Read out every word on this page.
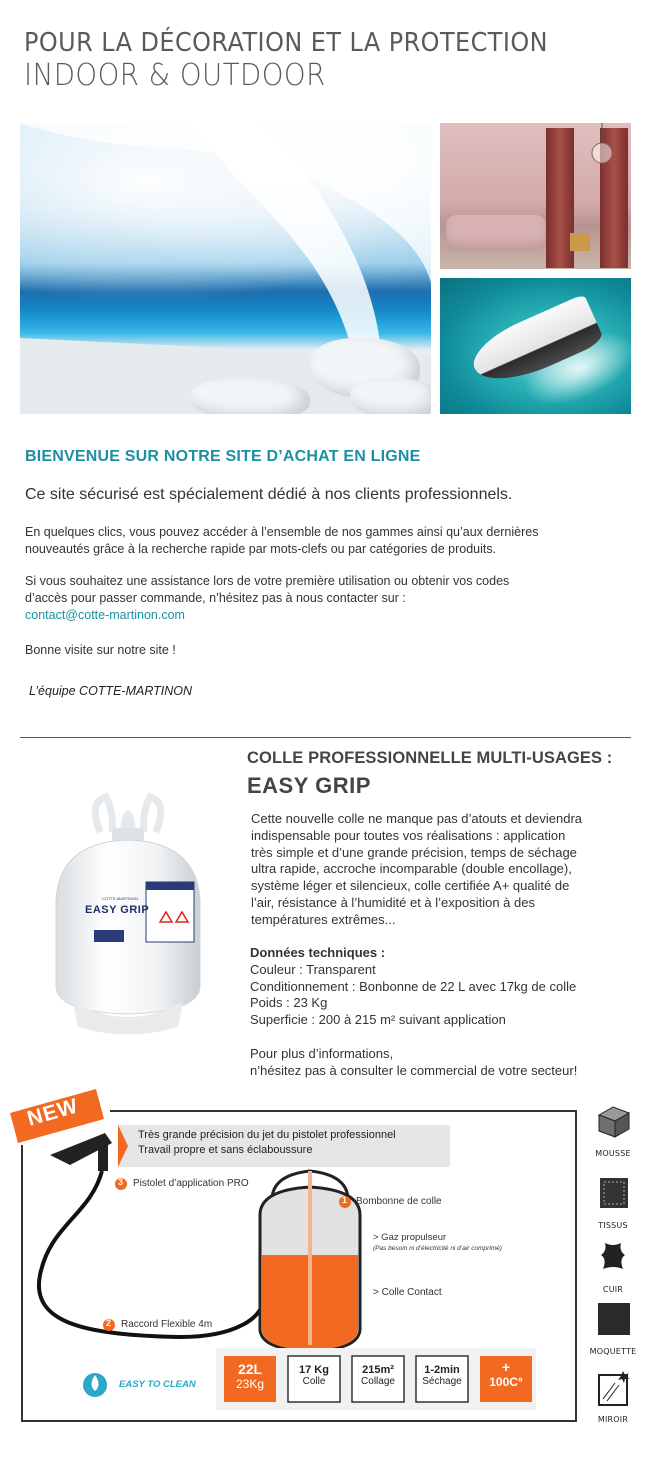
POUR LA DÉCORATION ET LA PROTECTION
INDOOR & OUTDOOR
BIENVENUE SUR NOTRE SITE D’ACHAT EN LIGNE
Ce site sécurisé est spécialement dédié à nos clients professionnels.
En quelques clics, vous pouvez accéder à l’ensemble de nos gammes ainsi qu’aux dernières
nouveautés grâce à la recherche rapide par mots-clefs ou par catégories de produits.
Si vous souhaitez une assistance lors de votre première utilisation ou obtenir vos codes
d’accès pour passer commande, n’hésitez pas à nous contacter sur :
contact@cotte-martinon.com
Bonne visite sur notre site !
L’équipe COTTE-MARTINON
COTTE-MARTINON
EASY GRIP
COLLE PROFESSIONNELLE MULTI-USAGES :
EASY GRIP
Cette nouvelle colle ne manque pas d’atouts et deviendra
indispensable pour toutes vos réalisations : application
très simple et d’une grande précision, temps de séchage
ultra rapide, accroche incomparable (double encollage),
système léger et silencieux, colle certifiée A+ qualité de
l’air, résistance à l’humidité et à l’exposition à des
températures extrêmes...
Données techniques :
Couleur : Transparent
Conditionnement : Bonbonne de 22 L avec 17kg de colle
Poids : 23 Kg
Superficie : 200 à 215 m² suivant application
Pour plus d’informations,
n’hésitez pas à consulter le commercial de votre secteur!
NEW
Très grande précision du jet du pistolet professionnel
Travail propre et sans éclaboussure
3 Pistolet d’application PRO
1 Bombonne de colle
> Gaz propulseur
(Pas besoin ni d’électricité ni d’air comprimé)
> Colle Contact
2 Raccord Flexible 4m
EASY TO CLEAN
22L
23Kg
17 Kg
Colle
215m²
Collage
1-2min
Séchage
+
100C°
MOUSSE
TISSUS
CUIR
MOQUETTE
MIROIR
